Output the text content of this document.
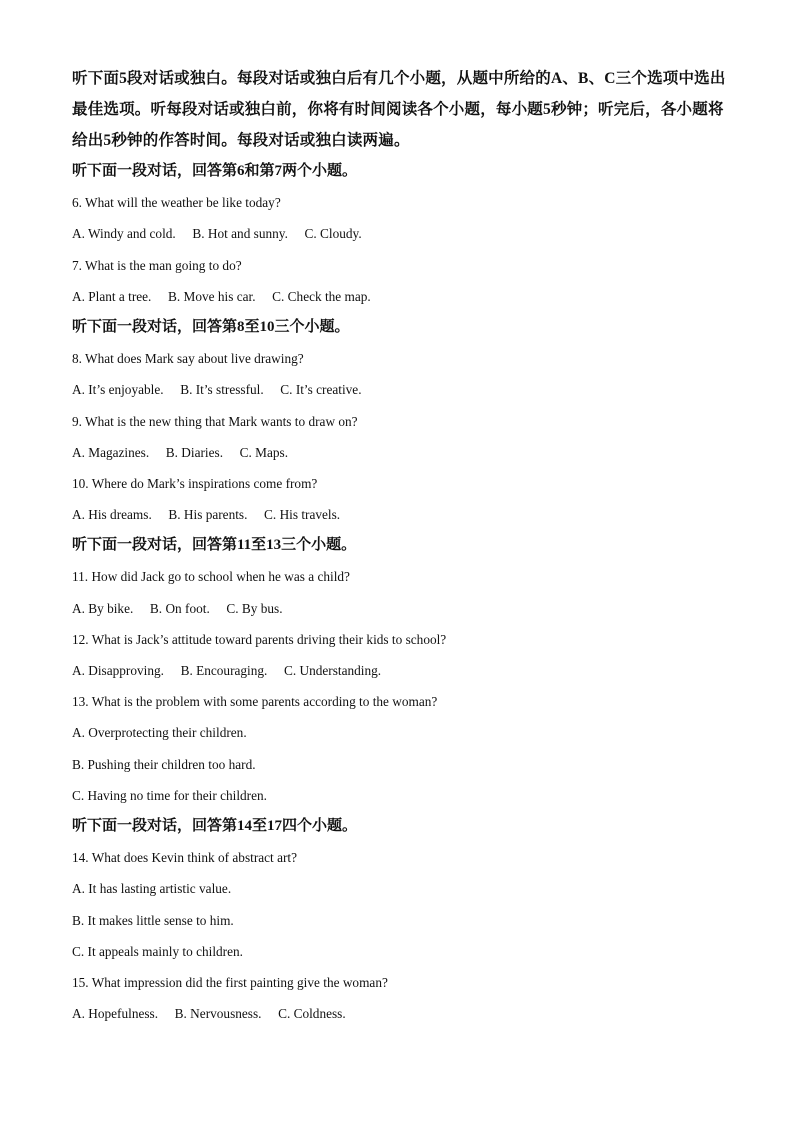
听下面5段对话或独白。每段对话或独白后有几个小题，从题中所给的A、B、C三个选项中选出最佳选项。听每段对话或独白前，你将有时间阅读各个小题，每小题5秒钟；听完后，各小题将给出5秒钟的作答时间。每段对话或独白读两遍。
听下面一段对话，回答第6和第7两个小题。
6. What will the weather be like today?
A. Windy and cold.     B. Hot and sunny.     C. Cloudy.
7. What is the man going to do?
A. Plant a tree.     B. Move his car.     C. Check the map.
听下面一段对话，回答第8至10三个小题。
8. What does Mark say about live drawing?
A. It’s enjoyable.     B. It’s stressful.     C. It’s creative.
9. What is the new thing that Mark wants to draw on?
A. Magazines.     B. Diaries.     C. Maps.
10. Where do Mark’s inspirations come from?
A. His dreams.     B. His parents.     C. His travels.
听下面一段对话，回答第11至13三个小题。
11. How did Jack go to school when he was a child?
A. By bike.     B. On foot.     C. By bus.
12. What is Jack’s attitude toward parents driving their kids to school?
A. Disapproving.     B. Encouraging.     C. Understanding.
13. What is the problem with some parents according to the woman?
A. Overprotecting their children.
B. Pushing their children too hard.
C. Having no time for their children.
听下面一段对话，回答第14至17四个小题。
14. What does Kevin think of abstract art?
A. It has lasting artistic value.
B. It makes little sense to him.
C. It appeals mainly to children.
15. What impression did the first painting give the woman?
A. Hopefulness.     B. Nervousness.     C. Coldness.
